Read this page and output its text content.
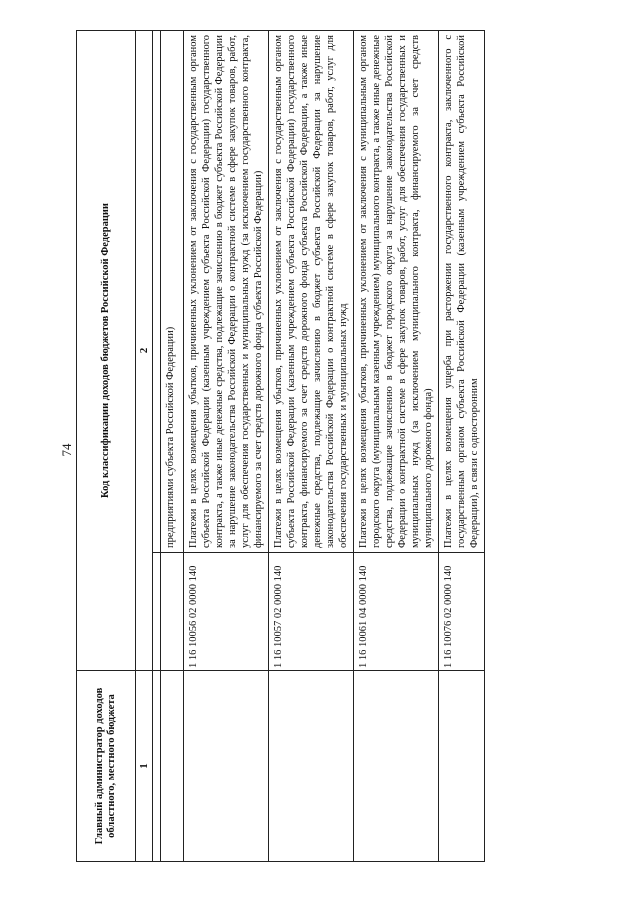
74
Главный администратор доходов областного, местного бюджета	Код классификации доходов бюджетов Российской Федерации	
1	2	

		предприятиями субъекта Российской Федерации)
	1 16 10056 02 0000 140	Платежи в целях возмещения убытков, причиненных уклонением от заключения с государственным органом субъекта Российской Федерации (казенным учреждением субъекта Российской Федерации) государственного контракта, а также иные денежные средства, подлежащие зачислению в бюджет субъекта Российской Федерации за нарушение законодательства Российской Федерации о контрактной системе в сфере закупок товаров, работ, услуг для обеспечения государственных и муниципальных нужд (за исключением государственного контракта, финансируемого за счет средств дорожного фонда субъекта Российской Федерации)
	1 16 10057 02 0000 140	Платежи в целях возмещения убытков, причиненных уклонением от заключения с государственным органом субъекта Российской Федерации (казенным учреждением субъекта Российской Федерации) государственного контракта, финансируемого за счет средств дорожного фонда субъекта Российской Федерации, а также иные денежные средства, подлежащие зачислению в бюджет субъекта Российской Федерации за нарушение законодательства Российской Федерации о контрактной системе в сфере закупок товаров, работ, услуг для обеспечения государственных и муниципальных нужд
	1 16 10061 04 0000 140	Платежи в целях возмещения убытков, причиненных уклонением от заключения с муниципальным органом городского округа (муниципальным казенным учреждением) муниципального контракта, а также иные денежные средства, подлежащие зачислению в бюджет городского округа за нарушение законодательства Российской Федерации о контрактной системе в сфере закупок товаров, работ, услуг для обеспечения государственных и муниципальных нужд (за исключением муниципального контракта, финансируемого за счет средств муниципального дорожного фонда)
	1 16 10076 02 0000 140	Платежи в целях возмещения ущерба при расторжении государственного контракта, заключенного с государственным органом субъекта Российской Федерации (казенным учреждением субъекта Российской Федерации), в связи с односторонним
